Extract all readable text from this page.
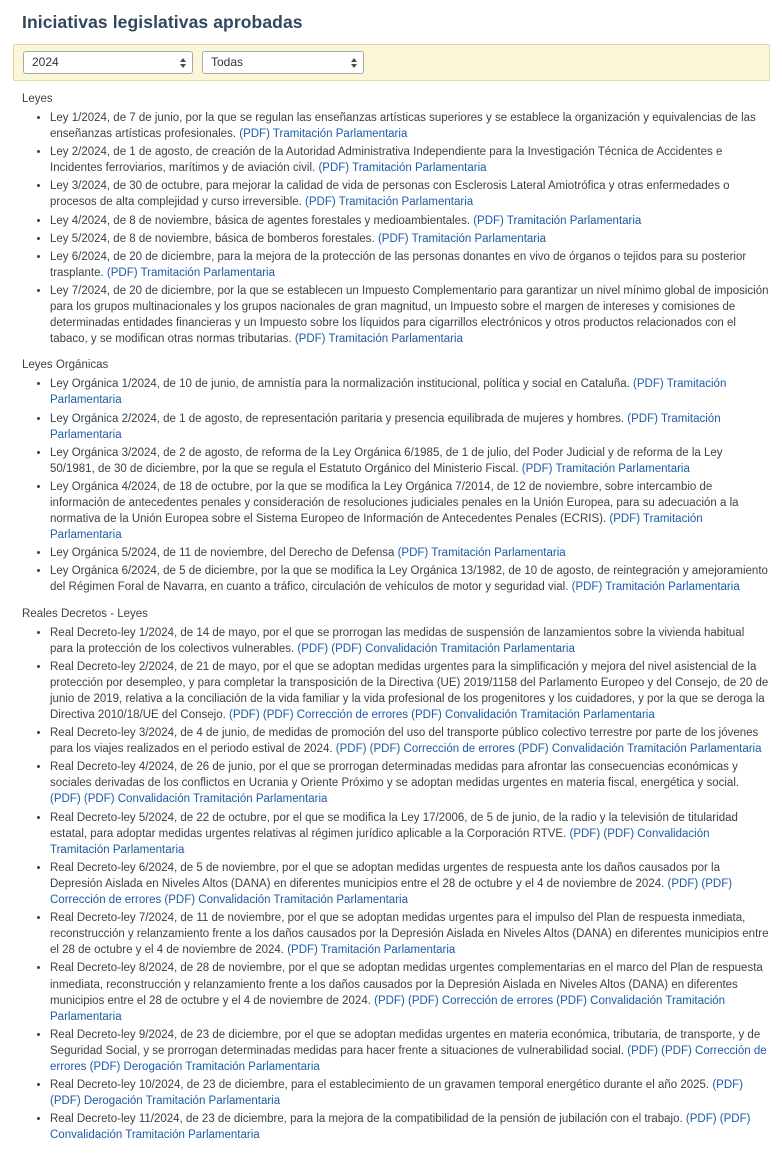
Iniciativas legislativas aprobadas
2024
Todas
Leyes
• Ley 1/2024, de 7 de junio, por la que se regulan las enseñanzas artísticas superiores y se establece la organización y equivalencias de las enseñanzas artísticas profesionales. (PDF) Tramitación Parlamentaria
• Ley 2/2024, de 1 de agosto, de creación de la Autoridad Administrativa Independiente para la Investigación Técnica de Accidentes e Incidentes ferroviarios, marítimos y de aviación civil. (PDF) Tramitación Parlamentaria
• Ley 3/2024, de 30 de octubre, para mejorar la calidad de vida de personas con Esclerosis Lateral Amiotrófica y otras enfermedades o procesos de alta complejidad y curso irreversible. (PDF) Tramitación Parlamentaria
• Ley 4/2024, de 8 de noviembre, básica de agentes forestales y medioambientales. (PDF) Tramitación Parlamentaria
• Ley 5/2024, de 8 de noviembre, básica de bomberos forestales. (PDF) Tramitación Parlamentaria
• Ley 6/2024, de 20 de diciembre, para la mejora de la protección de las personas donantes en vivo de órganos o tejidos para su posterior trasplante. (PDF) Tramitación Parlamentaria
• Ley 7/2024, de 20 de diciembre, por la que se establecen un Impuesto Complementario para garantizar un nivel mínimo global de imposición para los grupos multinacionales y los grupos nacionales de gran magnitud, un Impuesto sobre el margen de intereses y comisiones de determinadas entidades financieras y un Impuesto sobre los líquidos para cigarrillos electrónicos y otros productos relacionados con el tabaco, y se modifican otras normas tributarias. (PDF) Tramitación Parlamentaria
Leyes Orgánicas
• Ley Orgánica 1/2024, de 10 de junio, de amnistía para la normalización institucional, política y social en Cataluña. (PDF) Tramitación Parlamentaria
• Ley Orgánica 2/2024, de 1 de agosto, de representación paritaria y presencia equilibrada de mujeres y hombres. (PDF) Tramitación Parlamentaria
• Ley Orgánica 3/2024, de 2 de agosto, de reforma de la Ley Orgánica 6/1985, de 1 de julio, del Poder Judicial y de reforma de la Ley 50/1981, de 30 de diciembre, por la que se regula el Estatuto Orgánico del Ministerio Fiscal. (PDF) Tramitación Parlamentaria
• Ley Orgánica 4/2024, de 18 de octubre, por la que se modifica la Ley Orgánica 7/2014, de 12 de noviembre, sobre intercambio de información de antecedentes penales y consideración de resoluciones judiciales penales en la Unión Europea, para su adecuación a la normativa de la Unión Europea sobre el Sistema Europeo de Información de Antecedentes Penales (ECRIS). (PDF) Tramitación Parlamentaria
• Ley Orgánica 5/2024, de 11 de noviembre, del Derecho de Defensa (PDF) Tramitación Parlamentaria
• Ley Orgánica 6/2024, de 5 de diciembre, por la que se modifica la Ley Orgánica 13/1982, de 10 de agosto, de reintegración y amejoramiento del Régimen Foral de Navarra, en cuanto a tráfico, circulación de vehículos de motor y seguridad vial. (PDF) Tramitación Parlamentaria
Reales Decretos - Leyes
• Real Decreto-ley 1/2024, de 14 de mayo, por el que se prorrogan las medidas de suspensión de lanzamientos sobre la vivienda habitual para la protección de los colectivos vulnerables. (PDF) (PDF) Convalidación Tramitación Parlamentaria
• Real Decreto-ley 2/2024, de 21 de mayo, por el que se adoptan medidas urgentes para la simplificación y mejora del nivel asistencial de la protección por desempleo, y para completar la transposición de la Directiva (UE) 2019/1158 del Parlamento Europeo y del Consejo, de 20 de junio de 2019, relativa a la conciliación de la vida familiar y la vida profesional de los progenitores y los cuidadores, y por la que se deroga la Directiva 2010/18/UE del Consejo. (PDF) (PDF) Corrección de errores (PDF) Convalidación Tramitación Parlamentaria
• Real Decreto-ley 3/2024, de 4 de junio, de medidas de promoción del uso del transporte público colectivo terrestre por parte de los jóvenes para los viajes realizados en el periodo estival de 2024. (PDF) (PDF) Corrección de errores (PDF) Convalidación Tramitación Parlamentaria
• Real Decreto-ley 4/2024, de 26 de junio, por el que se prorrogan determinadas medidas para afrontar las consecuencias económicas y sociales derivadas de los conflictos en Ucrania y Oriente Próximo y se adoptan medidas urgentes en materia fiscal, energética y social. (PDF) (PDF) Convalidación Tramitación Parlamentaria
• Real Decreto-ley 5/2024, de 22 de octubre, por el que se modifica la Ley 17/2006, de 5 de junio, de la radio y la televisión de titularidad estatal, para adoptar medidas urgentes relativas al régimen jurídico aplicable a la Corporación RTVE. (PDF) (PDF) Convalidación Tramitación Parlamentaria
• Real Decreto-ley 6/2024, de 5 de noviembre, por el que se adoptan medidas urgentes de respuesta ante los daños causados por la Depresión Aislada en Niveles Altos (DANA) en diferentes municipios entre el 28 de octubre y el 4 de noviembre de 2024. (PDF) (PDF) Corrección de errores (PDF) Convalidación Tramitación Parlamentaria
• Real Decreto-ley 7/2024, de 11 de noviembre, por el que se adoptan medidas urgentes para el impulso del Plan de respuesta inmediata, reconstrucción y relanzamiento frente a los daños causados por la Depresión Aislada en Niveles Altos (DANA) en diferentes municipios entre el 28 de octubre y el 4 de noviembre de 2024. (PDF) Tramitación Parlamentaria
• Real Decreto-ley 8/2024, de 28 de noviembre, por el que se adoptan medidas urgentes complementarias en el marco del Plan de respuesta inmediata, reconstrucción y relanzamiento frente a los daños causados por la Depresión Aislada en Niveles Altos (DANA) en diferentes municipios entre el 28 de octubre y el 4 de noviembre de 2024. (PDF) (PDF) Corrección de errores (PDF) Convalidación Tramitación Parlamentaria
• Real Decreto-ley 9/2024, de 23 de diciembre, por el que se adoptan medidas urgentes en materia económica, tributaria, de transporte, y de Seguridad Social, y se prorrogan determinadas medidas para hacer frente a situaciones de vulnerabilidad social. (PDF) (PDF) Corrección de errores (PDF) Derogación Tramitación Parlamentaria
• Real Decreto-ley 10/2024, de 23 de diciembre, para el establecimiento de un gravamen temporal energético durante el año 2025. (PDF) (PDF) Derogación Tramitación Parlamentaria
• Real Decreto-ley 11/2024, de 23 de diciembre, para la mejora de la compatibilidad de la pensión de jubilación con el trabajo. (PDF) (PDF) Convalidación Tramitación Parlamentaria
